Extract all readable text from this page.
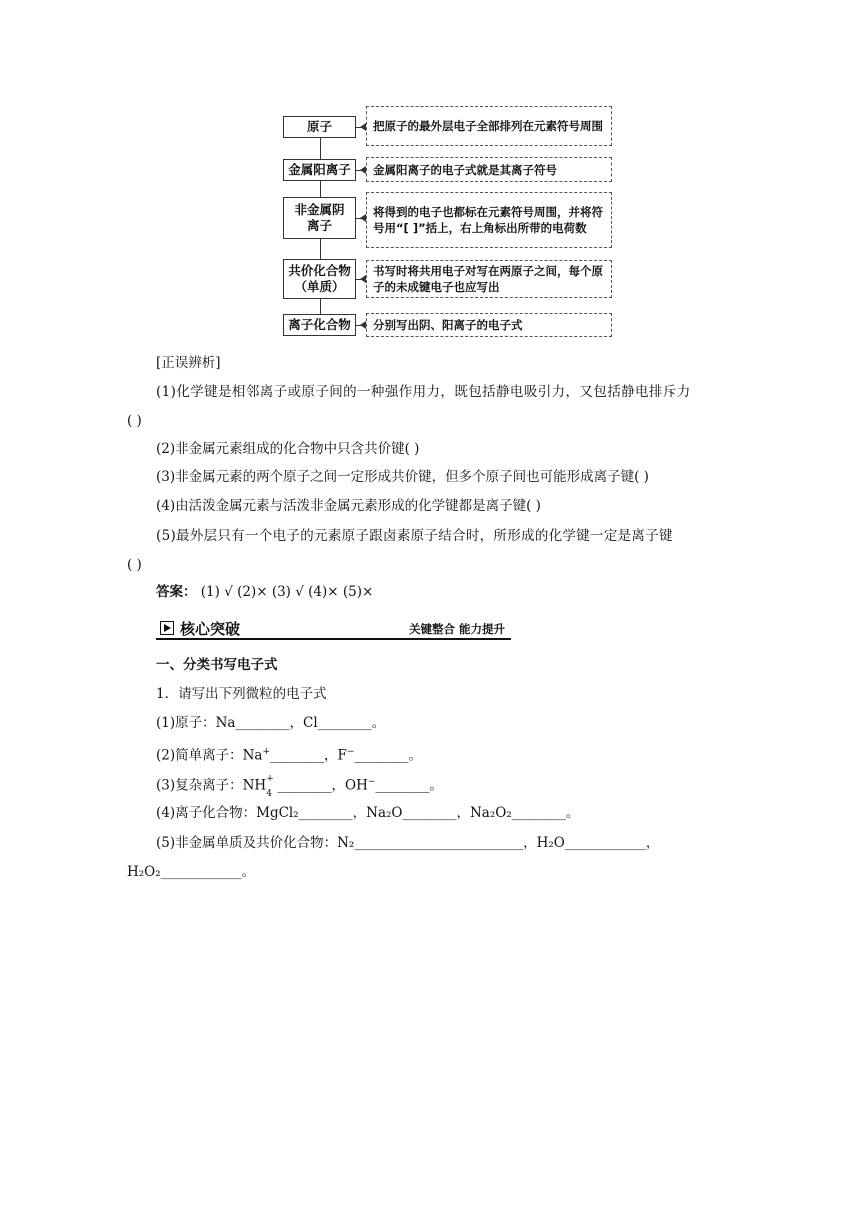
原子	把原子的最外层电子全部排列在元素符号周围
金属阳离子 金属阳离子的电子式就是其离子符号
非金属阴离子
将得到的电子也都标在元素符号周围，并将符号用“[ ]”括上，右上角标出所带的电荷数
共价化合物（单质）
书写时将共用电子对写在两原子之间，每个原子的未成键电子也应写出
离子化合物 分别写出阴、阳离子的电子式
[正误辨析]
(1)化学键是相邻离子或原子间的一种强作用力，既包括静电吸引力，又包括静电排斥力
( )
(2)非金属元素组成的化合物中只含共价键( )
(3)非金属元素的两个原子之间一定形成共价键，但多个原子间也可能形成离子键( )
(4)由活泼金属元素与活泼非金属元素形成的化学键都是离子键( )
(5)最外层只有一个电子的元素原子跟卤素原子结合时，所形成的化学键一定是离子键
( )
答案： (1) √ (2)× (3) √ (4)× (5)×
核心突破	关键整合 能力提升
一、分类书写电子式
1．请写出下列微粒的电子式
(1)原子：Na________，Cl________。
(2)简单离子：Na+________，F−________。
(3)复杂离子：NH +
4 ________，OH−________。
(4)离子化合物：MgCl₂________，Na₂O________，Na₂O₂________。
(5)非金属单质及共价化合物：N₂_________________________，H₂O____________，
H₂O₂____________。
